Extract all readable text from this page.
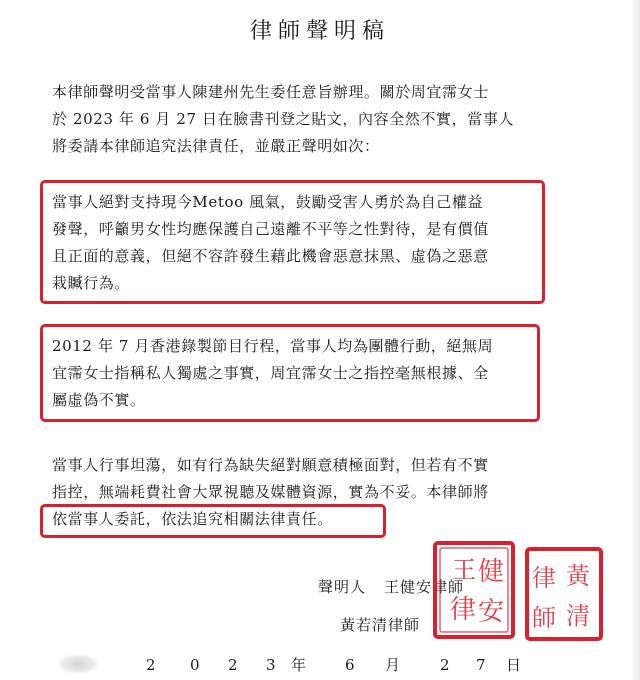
律師聲明稿
本律師聲明受當事人陳建州先生委任意旨辦理。關於周宜霈女士
於 2023 年 6 月 27 日在臉書刊登之貼文，內容全然不實，當事人
將委請本律師追究法律責任，並嚴正聲明如次：
當事人絕對支持現今Metoo 風氣，鼓勵受害人勇於為自己權益
發聲，呼籲男女性均應保護自己遠離不平等之性對待，是有價值
且正面的意義，但絕不容許發生藉此機會惡意抹黑、虛偽之惡意
栽贓行為。
2012 年 7 月香港錄製節目行程，當事人均為團體行動，絕無周
宜霈女士指稱私人獨處之事實，周宜霈女士之指控毫無根據、全
屬虛偽不實。
當事人行事坦蕩，如有行為缺失絕對願意積極面對，但若有不實
指控，無端耗費社會大眾視聽及媒體資源，實為不妥。本律師將
依當事人委託，依法追究相關法律責任。
聲明人 王健安律師
黃若清律師
王 健
律 安
律 黃
師 清
2 0 2 3 年	6 月	2 7 日
